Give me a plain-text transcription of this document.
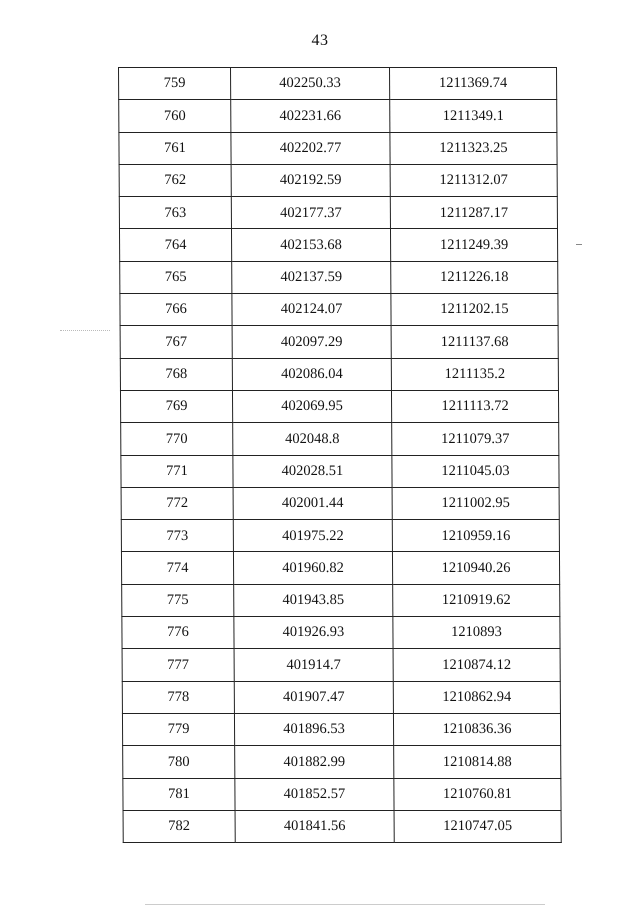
43
759	402250.33	1211369.74
760	402231.66	1211349.1
761	402202.77	1211323.25
762	402192.59	1211312.07
763	402177.37	1211287.17
764	402153.68	1211249.39
765	402137.59	1211226.18
766	402124.07	1211202.15
767	402097.29	1211137.68
768	402086.04	1211135.2
769	402069.95	1211113.72
770	402048.8	1211079.37
771	402028.51	1211045.03
772	402001.44	1211002.95
773	401975.22	1210959.16
774	401960.82	1210940.26
775	401943.85	1210919.62
776	401926.93	1210893
777	401914.7	1210874.12
778	401907.47	1210862.94
779	401896.53	1210836.36
780	401882.99	1210814.88
781	401852.57	1210760.81
782	401841.56	1210747.05
